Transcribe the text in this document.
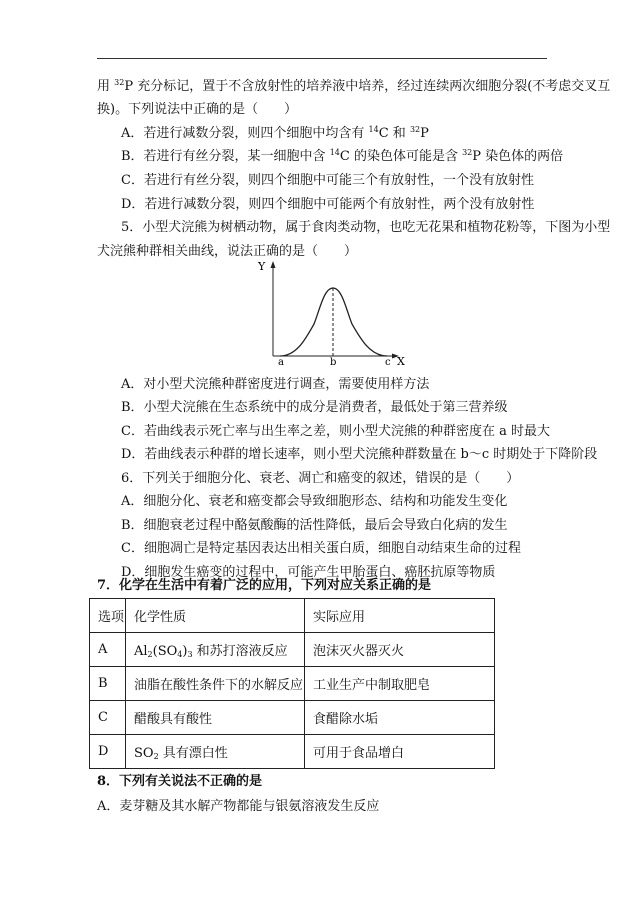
用 $^{32}$P 充分标记，置于不含放射性的培养液中培养，经过连续两次细胞分裂(不考虑交叉互
换)。下列说法中正确的是（　　）
A．若进行减数分裂，则四个细胞中均含有 $^{14}$C 和 $^{32}$P
B．若进行有丝分裂，某一细胞中含 $^{14}$C 的染色体可能是含 $^{32}$P 染色体的两倍
C．若进行有丝分裂，则四个细胞中可能三个有放射性，一个没有放射性
D．若进行减数分裂，则四个细胞中可能两个有放射性，两个没有放射性
5．小型犬浣熊为树栖动物，属于食肉类动物，也吃无花果和植物花粉等，下图为小型
犬浣熊种群相关曲线，说法正确的是（　　）
Y
X
a	b	c
A．对小型犬浣熊种群密度进行调查，需要使用样方法
B．小型犬浣熊在生态系统中的成分是消费者，最低处于第三营养级
C．若曲线表示死亡率与出生率之差，则小型犬浣熊的种群密度在 a 时最大
D．若曲线表示种群的增长速率，则小型犬浣熊种群数量在 b～c 时期处于下降阶段
6．下列关于细胞分化、衰老、凋亡和癌变的叙述，错误的是（　　）
A．细胞分化、衰老和癌变都会导致细胞形态、结构和功能发生变化
B．细胞衰老过程中酪氨酸酶的活性降低，最后会导致白化病的发生
C．细胞凋亡是特定基因表达出相关蛋白质，细胞自动结束生命的过程
D．细胞发生癌变的过程中，可能产生甲胎蛋白、癌胚抗原等物质
7．化学在生活中有着广泛的应用，下列对应关系正确的是
选项	化学性质	实际应用
A	$Al_2(SO_4)_3$ 和苏打溶液反应	泡沫灭火器灭火
B	油脂在酸性条件下的水解反应	工业生产中制取肥皂
C	醋酸具有酸性	食醋除水垢
D	$SO_2$ 具有漂白性	可用于食品增白
8．下列有关说法不正确的是
A．麦芽糖及其水解产物都能与银氨溶液发生反应
